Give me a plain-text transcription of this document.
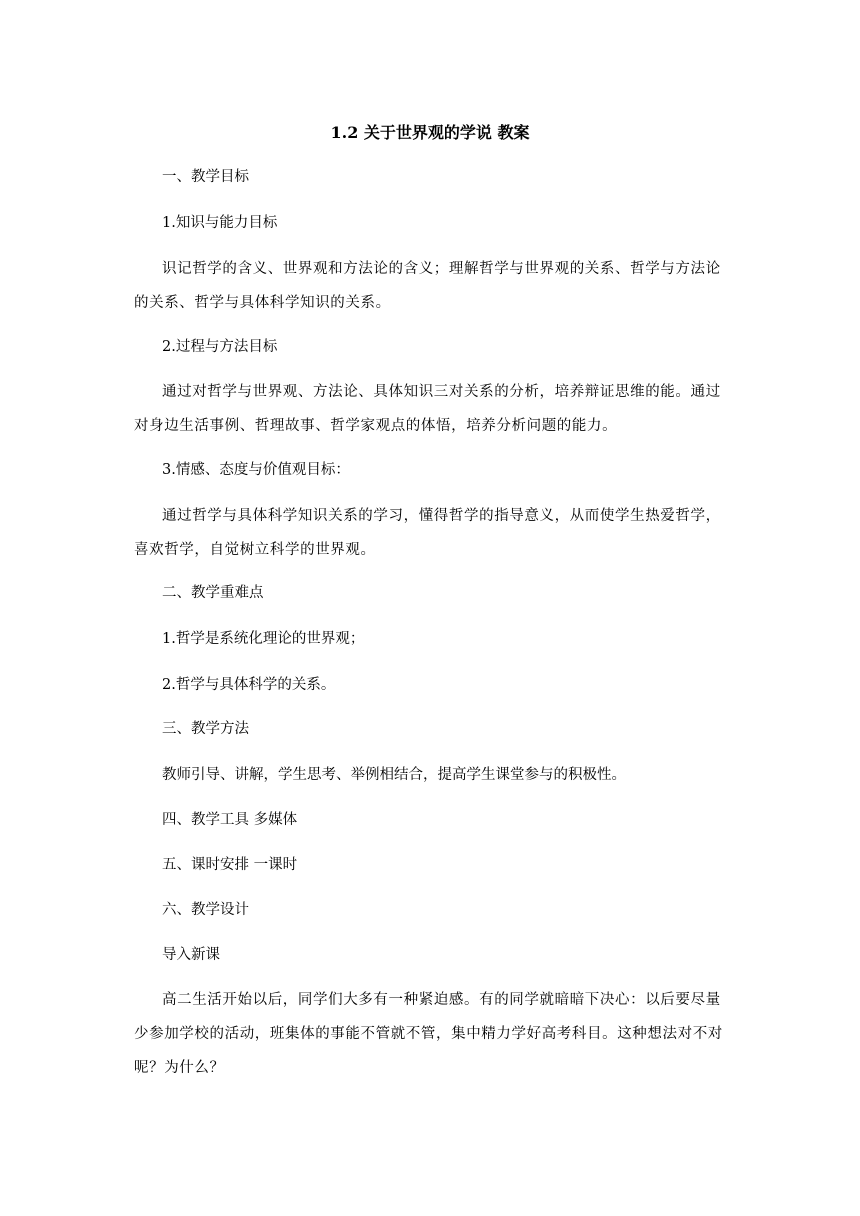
1.2 关于世界观的学说 教案

一、教学目标

1.知识与能力目标

识记哲学的含义、世界观和方法论的含义；理解哲学与世界观的关系、哲学与方法论的关系、哲学与具体科学知识的关系。

2.过程与方法目标

通过对哲学与世界观、方法论、具体知识三对关系的分析，培养辩证思维的能。通过对身边生活事例、哲理故事、哲学家观点的体悟，培养分析问题的能力。

3.情感、态度与价值观目标：

通过哲学与具体科学知识关系的学习，懂得哲学的指导意义，从而使学生热爱哲学，喜欢哲学，自觉树立科学的世界观。

二、教学重难点

1.哲学是系统化理论的世界观；

2.哲学与具体科学的关系。

三、教学方法

教师引导、讲解，学生思考、举例相结合，提高学生课堂参与的积极性。

四、教学工具 多媒体

五、课时安排 一课时

六、教学设计

导入新课

高二生活开始以后，同学们大多有一种紧迫感。有的同学就暗暗下决心：以后要尽量少参加学校的活动，班集体的事能不管就不管，集中精力学好高考科目。这种想法对不对呢？为什么？
